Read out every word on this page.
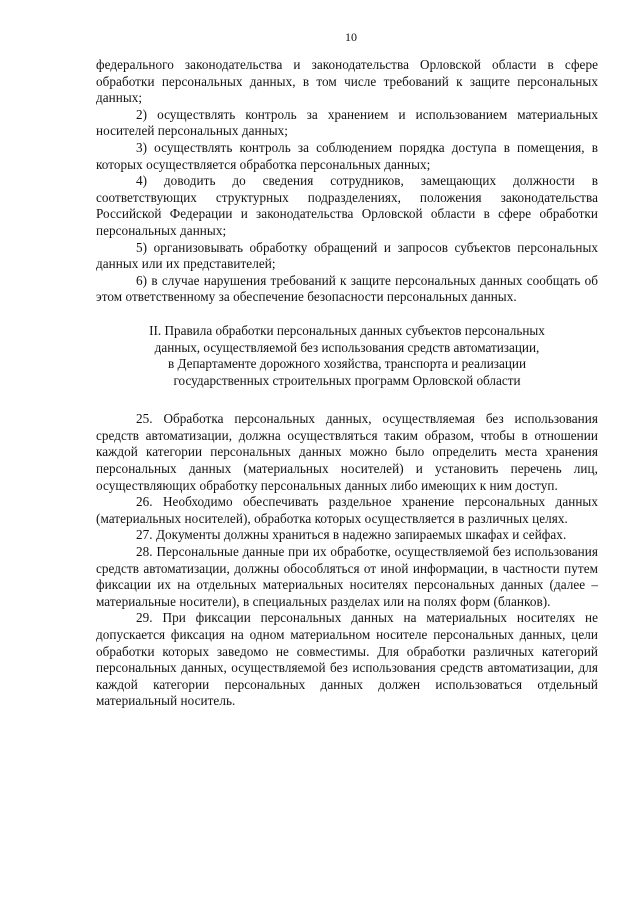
10

федерального законодательства и законодательства Орловской области в сфере обработки персональных данных, в том числе требований к защите персональных данных;

2) осуществлять контроль за хранением и использованием материальных носителей персональных данных;

3) осуществлять контроль за соблюдением порядка доступа в помещения, в которых осуществляется обработка персональных данных;

4) доводить до сведения сотрудников, замещающих должности в соответствующих структурных подразделениях, положения законодательства Российской Федерации и законодательства Орловской области в сфере обработки персональных данных;

5) организовывать обработку обращений и запросов субъектов персональных данных или их представителей;

6) в случае нарушения требований к защите персональных данных сообщать об этом ответственному за обеспечение безопасности персональных данных.

II. Правила обработки персональных данных субъектов персональных
данных, осуществляемой без использования средств автоматизации,
в Департаменте дорожного хозяйства, транспорта и реализации
государственных строительных программ Орловской области

25. Обработка персональных данных, осуществляемая без использования средств автоматизации, должна осуществляться таким образом, чтобы в отношении каждой категории персональных данных можно было определить места хранения персональных данных (материальных носителей) и установить перечень лиц, осуществляющих обработку персональных данных либо имеющих к ним доступ.

26. Необходимо обеспечивать раздельное хранение персональных данных (материальных носителей), обработка которых осуществляется в различных целях.

27. Документы должны храниться в надежно запираемых шкафах и сейфах.

28. Персональные данные при их обработке, осуществляемой без использования средств автоматизации, должны обособляться от иной информации, в частности путем фиксации их на отдельных материальных носителях персональных данных (далее – материальные носители), в специальных разделах или на полях форм (бланков).

29. При фиксации персональных данных на материальных носителях не допускается фиксация на одном материальном носителе персональных данных, цели обработки которых заведомо не совместимы. Для обработки различных категорий персональных данных, осуществляемой без использования средств автоматизации, для каждой категории персональных данных должен использоваться отдельный материальный носитель.
